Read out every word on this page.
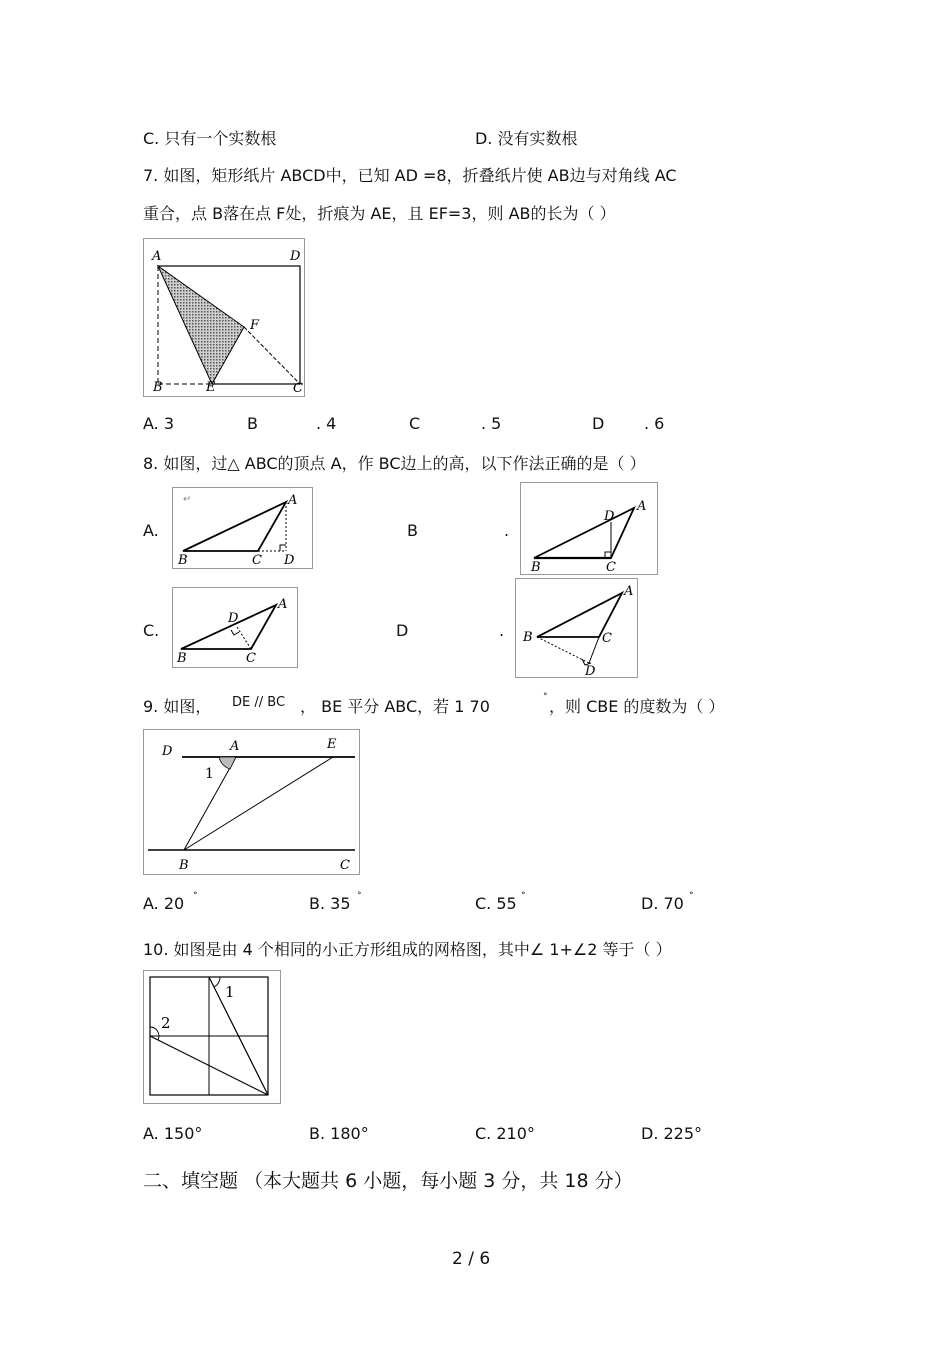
C. 只有一个实数根	D. 没有实数根
7. 如图，矩形纸片 ABCD中，已知 AD =8，折叠纸片使 AB边与对角线 AC
重合，点 B落在点 F处，折痕为 AE，且 EF=3，则 AB的长为（ ）
A	D
F
B	E	C
A. 3	B	. 4	C	. 5	D . 6
8. 如图，过△ ABC的顶点 A，作 BC边上的高，以下作法正确的是（ ）
A.
↵	A
B	C D
B	.
A
D
B	C
C.
A
D
B	C
D	.
A
B	C
D
9. 如图， DE // BC ， BE 平分 ABC，若 1 70	° ，则 CBE 的度数为（ ）
D	A	E
1
B	C
A. 20 °	B. 35 °	C. 55 °	D. 70 °
10. 如图是由 4 个相同的小正方形组成的网格图，其中∠ 1+∠2 等于（ ）
1
2
A. 150°	B. 180°	C. 210°	D. 225°
二、填空题 （本大题共 6 小题，每小题 3 分，共 18 分）
2 / 6
